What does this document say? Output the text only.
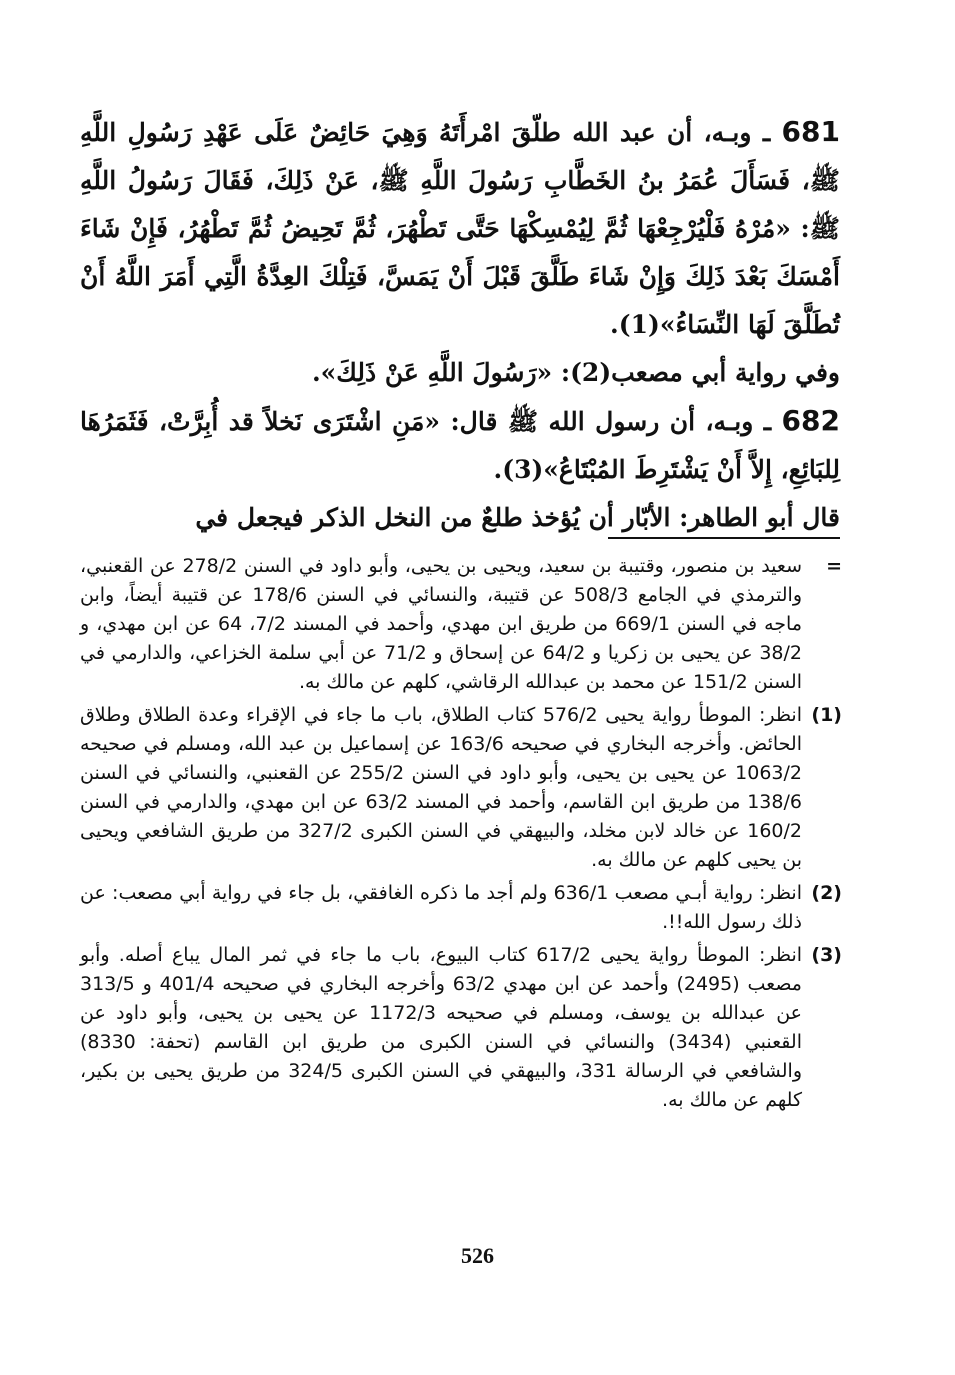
681 ـ وبـه، أن عبد الله طلّقَ امْرأَتَهُ وَهِيَ حَائِضٌ عَلَى عَهْدِ رَسُولِ اللَّهِ ﷺ، فَسَأَلَ عُمَرُ بنُ الخَطَّابِ رَسُولَ اللَّهِ ﷺ، عَنْ ذَلِكَ، فَقَالَ رَسُولُ اللَّهِ ﷺ: «مُرْهُ فَلْيُرْجِعْهَا ثُمَّ لِيُمْسِكْهَا حَتَّى تَطْهُرَ، ثُمَّ تَحِيضُ ثُمَّ تَطْهُرُ، فَإِنْ شَاءَ أَمْسَكَ بَعْدَ ذَلِكَ وَإِنْ شَاءَ طَلَّقَ قَبْلَ أَنْ يَمَسَّ، فَتِلْكَ العِدَّةُ الَّتِي أَمَرَ اللَّهُ أَنْ تُطَلَّقَ لَهَا النِّسَاءُ»(1).

وفي رواية أبي مصعب(2): «رَسُولَ اللَّهِ عَنْ ذَلِكَ».

682 ـ وبـه، أن رسول الله ﷺ قال: «مَنِ اشْتَرَى نَخلاً قد أُبِرَّتْ، فَثَمَرُهَا لِلبَائِعِ، إِلاَّ أَنْ يَشْتَرِطَ المُبْتَاعُ»(3).

قال أبو الطاهر: الأبّار أن يُؤخذ طلعٌ من النخل الذكر فيجعل في

=
سعيد بن منصور، وقتيبة بن سعيد، ويحيى بن يحيى، وأبو داود في السنن 278/2 عن القعنبي، والترمذي في الجامع 508/3 عن قتيبة، والنسائي في السنن 178/6 عن قتيبة أيضاً، وابن ماجه في السنن 669/1 من طريق ابن مهدي، وأحمد في المسند 7/2، 64 عن ابن مهدي، و 38/2 عن يحيى بن زكريا و 64/2 عن إسحاق و 71/2 عن أبي سلمة الخزاعي، والدارمي في السنن 151/2 عن محمد بن عبدالله الرقاشي، كلهم عن مالك به.
(1)
انظر: الموطأ رواية يحيى 576/2 كتاب الطلاق، باب ما جاء في الإقراء وعدة الطلاق وطلاق الحائض. وأخرجه البخاري في صحيحه 163/6 عن إسماعيل بن عبد الله، ومسلم في صحيحه 1063/2 عن يحيى بن يحيى، وأبو داود في السنن 255/2 عن القعنبي، والنسائي في السنن 138/6 من طريق ابن القاسم، وأحمد في المسند 63/2 عن ابن مهدي، والدارمي في السنن 160/2 عن خالد لابن مخلد، والبيهقي في السنن الكبرى 327/2 من طريق الشافعي ويحيى بن يحيى كلهم عن مالك به.
(2)
انظر: رواية أبـي مصعب 636/1 ولم أجد ما ذكره الغافقي، بل جاء في رواية أبي مصعب: عن ذلك رسول الله!!.
(3)
انظر: الموطأ رواية يحيى 617/2 كتاب البيوع، باب ما جاء في ثمر المال يباع أصله. وأبو مصعب (2495) وأحمد عن ابن مهدي 63/2 وأخرجه البخاري في صحيحه 401/4 و 313/5 عن عبدالله بن يوسف، ومسلم في صحيحه 1172/3 عن يحيى بن يحيى، وأبو داود عن القعنبي (3434) والنسائي في السنن الكبرى من طريق ابن القاسم (تحفة: 8330) والشافعي في الرسالة 331، والبيهقي في السنن الكبرى 324/5 من طريق يحيى بن بكير، كلهم عن مالك به.
526
